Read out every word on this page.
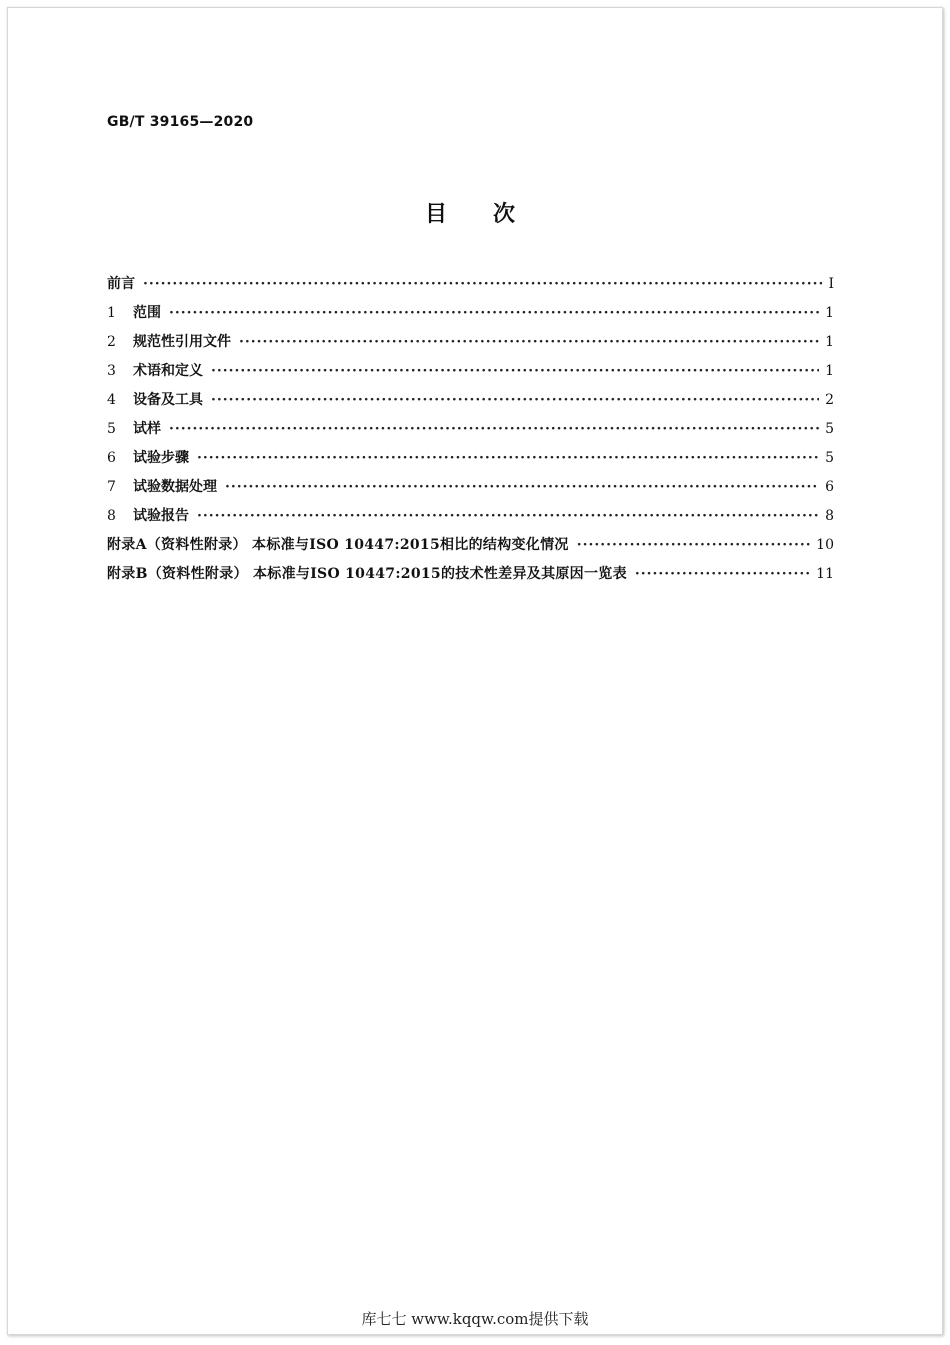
GB/T 39165—2020
目次
前言 ·····	Ⅰ
1	范围 ·····	1
2	规范性引用文件 ·····	1
3	术语和定义 ·····	1
4	设备及工具 ·····	2
5	试样 ·····	5
6	试验步骤 ·····	5
7	试验数据处理 ·····	6
8	试验报告 ·····	8
附录A（资料性附录） 本标准与ISO 10447:2015相比的结构变化情况 ·····	10
附录B（资料性附录） 本标准与ISO 10447:2015的技术性差异及其原因一览表 ·····	11
库七七 www.kqqw.com提供下载
